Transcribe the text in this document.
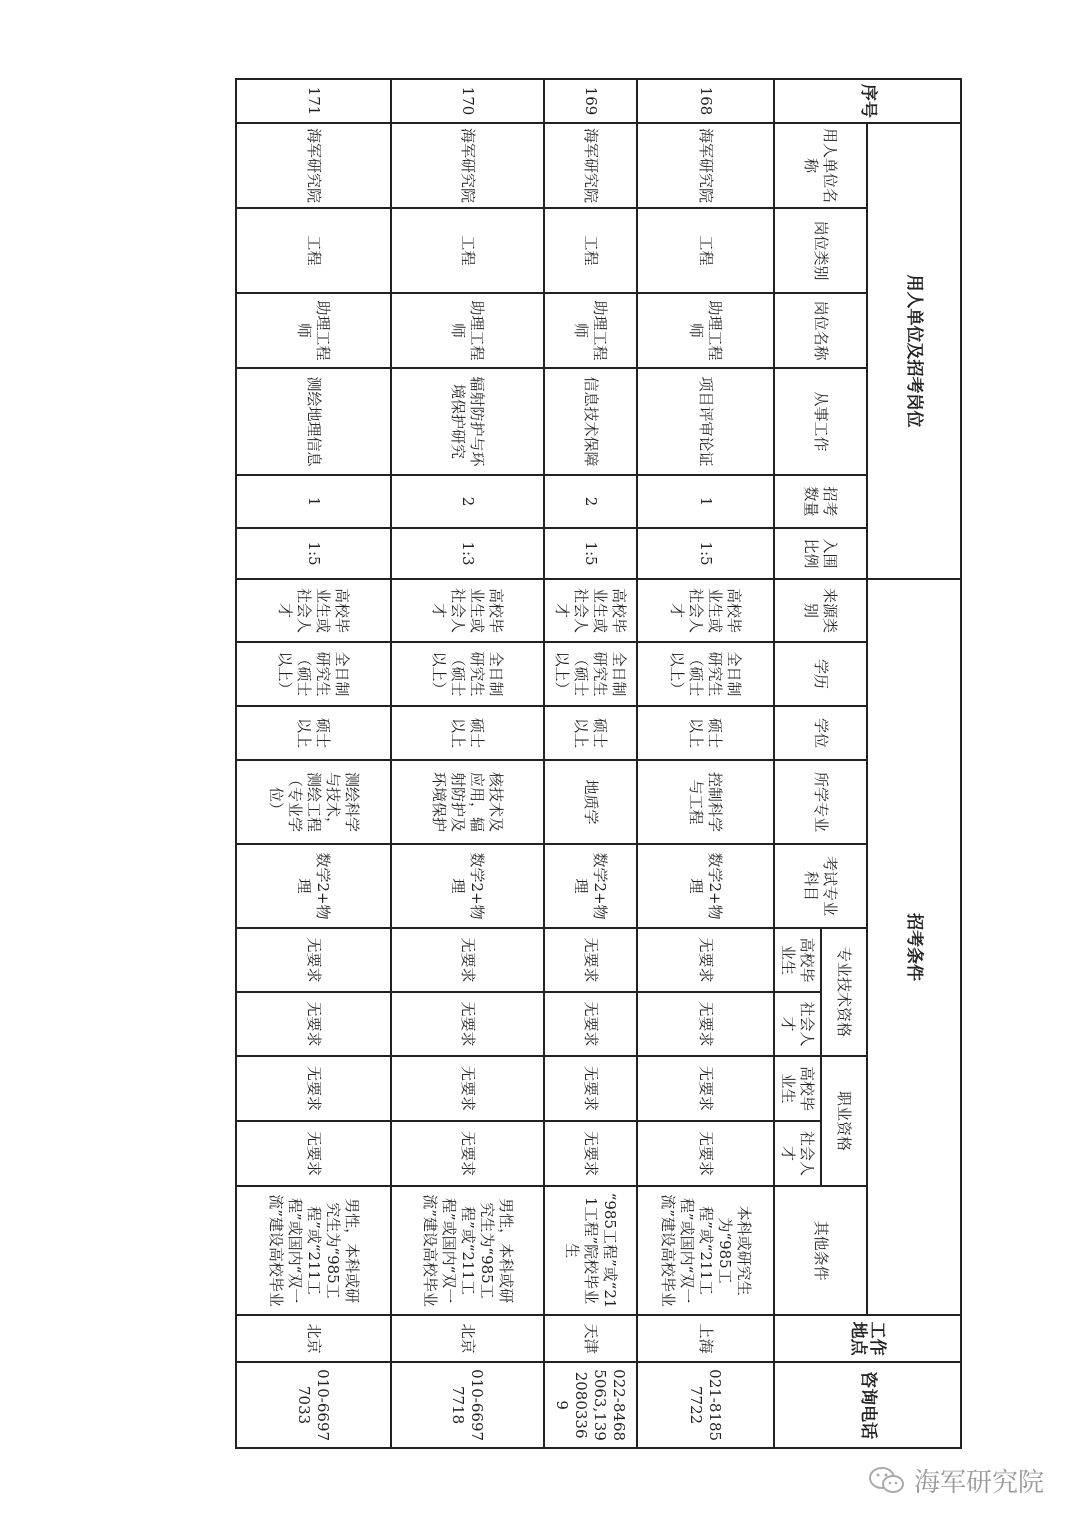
序号	用人单位及招考岗位						招考条件										工作地点	咨询电话
	用人单位名称	岗位类别	岗位名称	从事工作	招考数量	入围比例	来源类别	学历	学位	所学专业	考试专业科目	专业技术资格		职业资格		其他条件		
												高校毕业生	社会人才	高校毕业生	社会人才			
168	海军研究院	工程	助理工程师	项目评审论证	1	1:5	高校毕业生或社会人才	全日制研究生（硕士以上）	硕士以上	控制科学与工程	数学2+物理	无要求	无要求	无要求	无要求	本科或研究生为“985工程”或“211工程”或国内“双一流”建设高校毕业	上海	021-81857722
169	海军研究院	工程	助理工程师	信息技术保障	2	1:5	高校毕业生或社会人才	全日制研究生（硕士以上）	硕士以上	地质学	数学2+物理	无要求	无要求	无要求	无要求	“985工程”或“211工程”院校毕业生	天津	022-84685063,13920803369
170	海军研究院	工程	助理工程师	辐射防护与环境保护研究	2	1:3	高校毕业生或社会人才	全日制研究生（硕士以上）	硕士以上	核技术及应用，辐射防护及环境保护	数学2+物理	无要求	无要求	无要求	无要求	男性，本科或研究生为“985工程”或“211工程”或国内“双一流”建设高校毕业	北京	010-66977718
171	海军研究院	工程	助理工程师	测绘地理信息	1	1:5	高校毕业生或社会人才	全日制研究生（硕士以上）	硕士以上	测绘科学与技术，测绘工程（专业学位）	数学2+物理	无要求	无要求	无要求	无要求	男性，本科或研究生为“985工程”或“211工程”或国内“双一流”建设高校毕业	北京	010-66977033
海军研究院
